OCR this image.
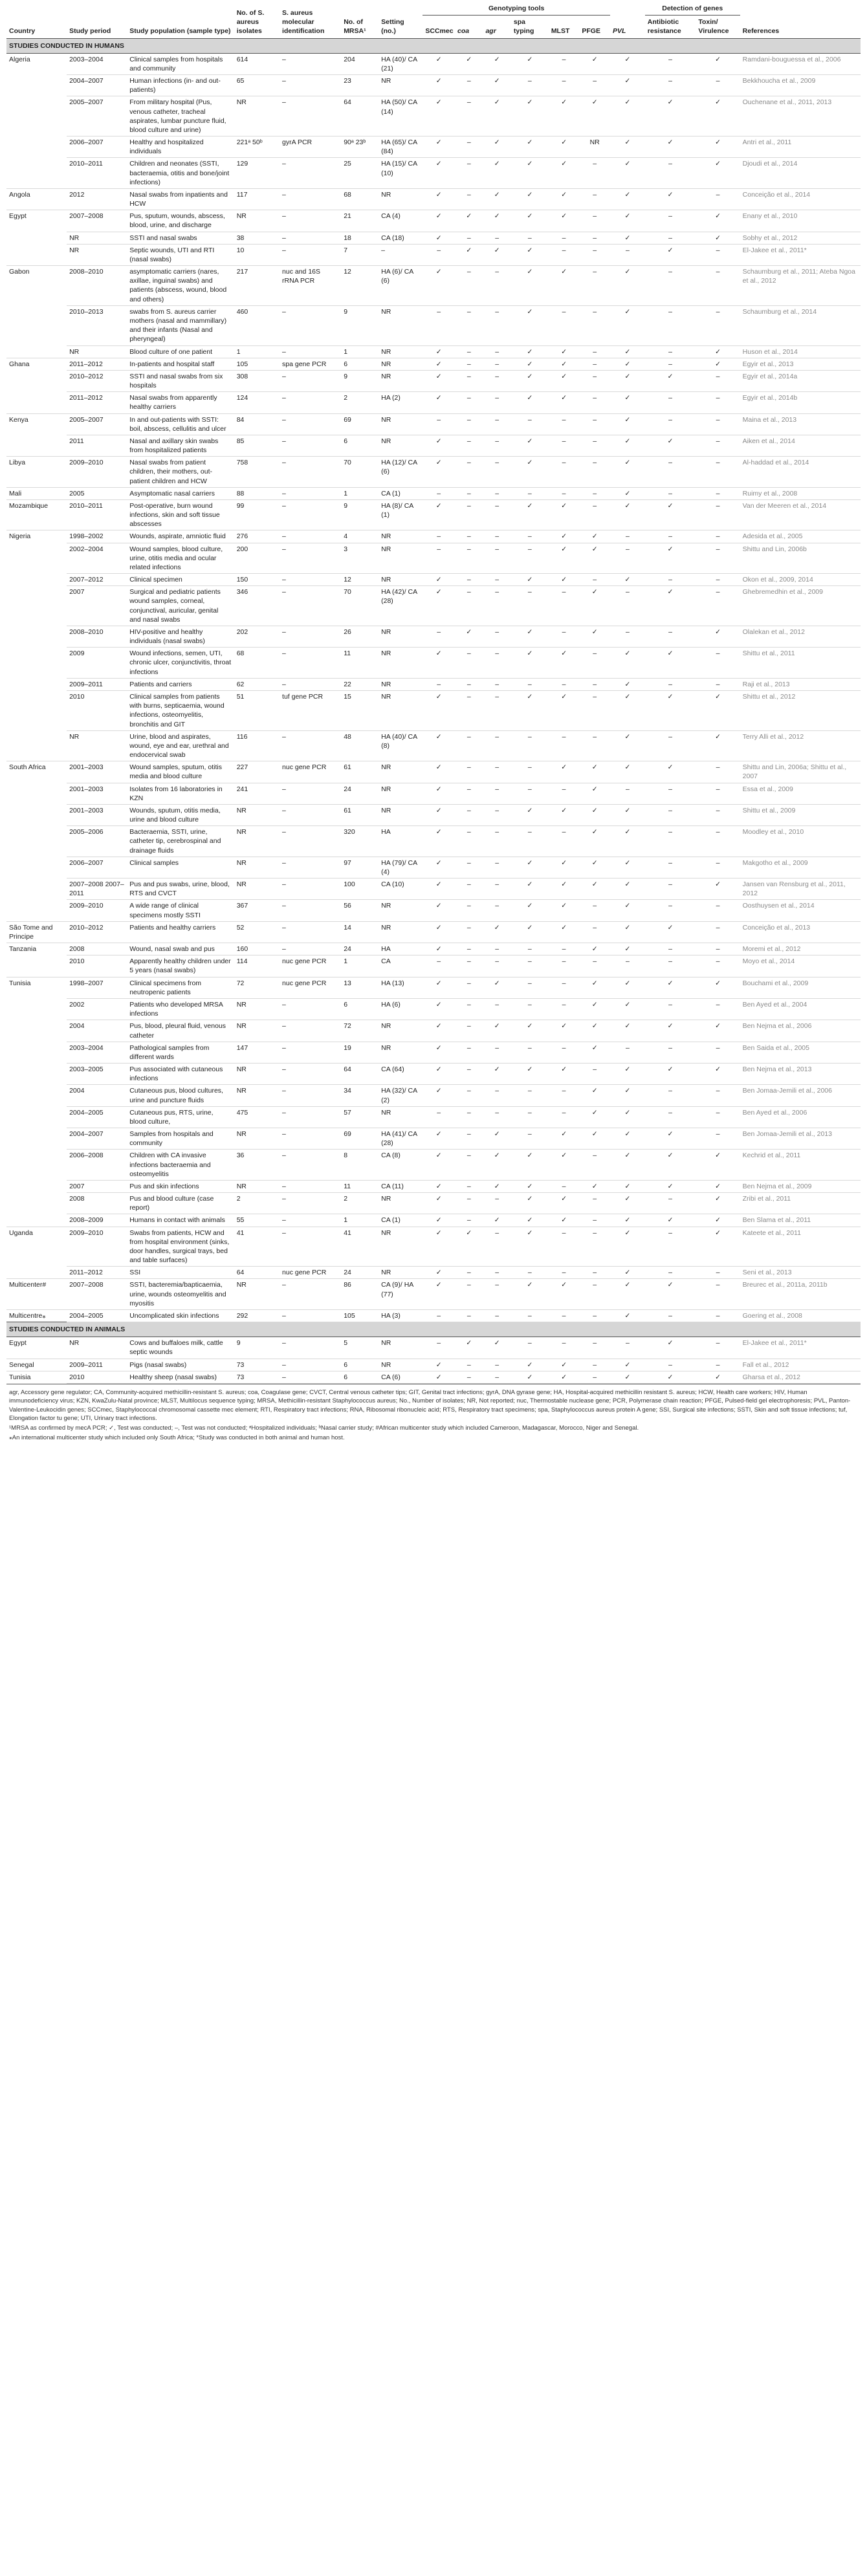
Country	Study period	Study population (sample type)	No. of S. aureus isolates	S. aureus molecular identification	No. of MRSA¹	Setting (no.)	Genotyping tools						PVL	Detection of genes		References
							SCCmec	coa	agr	spa typing	MLST	PFGE		Antibiotic resistance	Toxin/ Virulence	
STUDIES CONDUCTED IN HUMANS																
Algeria	2003–2004	Clinical samples from hospitals and community	614	–	204	HA (40)/ CA (21)	✓	✓	✓	✓	–	✓	✓	–	✓	Ramdani-bouguessa et al., 2006
	2004–2007	Human infections (in- and out-patients)	65	–	23	NR	✓	–	✓	–	–	–	✓	–	–	Bekkhoucha et al., 2009
	2005–2007	From military hospital (Pus, venous catheter, tracheal aspirates, lumbar puncture fluid, blood culture and urine)	NR	–	64	HA (50)/ CA (14)	✓	–	✓	✓	✓	✓	✓	✓	✓	Ouchenane et al., 2011, 2013
	2006–2007	Healthy and hospitalized individuals	221ᵃ 50ᵇ	gyrA PCR	90ᵃ 23ᵇ	HA (65)/ CA (84)	✓	–	✓	✓	✓	NR	✓	✓	✓	Antri et al., 2011
	2010–2011	Children and neonates (SSTI, bacteraemia, otitis and bone/joint infections)	129	–	25	HA (15)/ CA (10)	✓	–	✓	✓	✓	–	✓	–	✓	Djoudi et al., 2014
Angola	2012	Nasal swabs from inpatients and HCW	117	–	68	NR	✓	–	✓	✓	✓	–	✓	✓	–	Conceição et al., 2014
Egypt	2007–2008	Pus, sputum, wounds, abscess, blood, urine, and discharge	NR	–	21	CA (4)	✓	✓	✓	✓	✓	–	✓	–	✓	Enany et al., 2010
	NR	SSTI and nasal swabs	38	–	18	CA (18)	✓	–	–	–	–	–	✓	–	✓	Sobhy et al., 2012
	NR	Septic wounds, UTI and RTI (nasal swabs)	10	–	7	–	–	✓	✓	✓	–	–	–	✓	–	El-Jakee et al., 2011*
Gabon	2008–2010	asymptomatic carriers (nares, axillae, inguinal swabs) and patients (abscess, wound, blood and others)	217	nuc and 16S rRNA PCR	12	HA (6)/ CA (6)	✓	–	–	✓	✓	–	✓	–	–	Schaumburg et al., 2011; Ateba Ngoa et al., 2012
	2010–2013	swabs from S. aureus carrier mothers (nasal and mammillary) and their infants (Nasal and pheryngeal)	460	–	9	NR	–	–	–	✓	–	–	✓	–	–	Schaumburg et al., 2014
	NR	Blood culture of one patient	1	–	1	NR	✓	–	–	✓	✓	–	✓	–	✓	Huson et al., 2014
Ghana	2011–2012	In-patients and hospital staff	105	spa gene PCR	6	NR	✓	–	–	✓	✓	–	✓	–	✓	Egyir et al., 2013
	2010–2012	SSTI and nasal swabs from six hospitals	308	–	9	NR	✓	–	–	✓	✓	–	✓	✓	–	Egyir et al., 2014a
	2011–2012	Nasal swabs from apparently healthy carriers	124	–	2	HA (2)	✓	–	–	✓	✓	–	✓	–	–	Egyir et al., 2014b
Kenya	2005–2007	In and out-patients with SSTI: boil, abscess, cellulitis and ulcer	84	–	69	NR	–	–	–	–	–	–	✓	–	–	Maina et al., 2013
	2011	Nasal and axillary skin swabs from hospitalized patients	85	–	6	NR	✓	–	–	✓	–	–	✓	✓	–	Aiken et al., 2014
Libya	2009–2010	Nasal swabs from patient children, their mothers, out-patient children and HCW	758	–	70	HA (12)/ CA (6)	✓	–	–	✓	–	–	✓	–	–	Al-haddad et al., 2014
Mali	2005	Asymptomatic nasal carriers	88	–	1	CA (1)	–	–	–	–	–	–	✓	–	–	Ruimy et al., 2008
Mozambique	2010–2011	Post-operative, burn wound infections, skin and soft tissue abscesses	99	–	9	HA (8)/ CA (1)	✓	–	–	✓	✓	–	✓	✓	–	Van der Meeren et al., 2014
Nigeria	1998–2002	Wounds, aspirate, amniotic fluid	276	–	4	NR	–	–	–	–	✓	✓	–	–	–	Adesida et al., 2005
	2002–2004	Wound samples, blood culture, urine, otitis media and ocular related infections	200	–	3	NR	–	–	–	–	✓	✓	–	✓	–	Shittu and Lin, 2006b
	2007–2012	Clinical specimen	150	–	12	NR	✓	–	–	✓	✓	–	✓	–	–	Okon et al., 2009, 2014
	2007	Surgical and pediatric patients wound samples, corneal, conjunctival, auricular, genital and nasal swabs	346	–	70	HA (42)/ CA (28)	✓	–	–	–	–	✓	–	✓	–	Ghebremedhin et al., 2009
	2008–2010	HIV-positive and healthy individuals (nasal swabs)	202	–	26	NR	–	✓	–	✓	–	✓	–	–	✓	Olalekan et al., 2012
	2009	Wound infections, semen, UTI, chronic ulcer, conjunctivitis, throat infections	68	–	11	NR	✓	–	–	✓	✓	–	✓	✓	–	Shittu et al., 2011
	2009–2011	Patients and carriers	62	–	22	NR	–	–	–	–	–	–	✓	–	–	Raji et al., 2013
	2010	Clinical samples from patients with burns, septicaemia, wound infections, osteomyelitis, bronchitis and GIT	51	tuf gene PCR	15	NR	✓	–	–	✓	✓	–	✓	✓	✓	Shittu et al., 2012
	NR	Urine, blood and aspirates, wound, eye and ear, urethral and endocervical swab	116	–	48	HA (40)/ CA (8)	✓	–	–	–	–	–	✓	–	✓	Terry Alli et al., 2012
South Africa	2001–2003	Wound samples, sputum, otitis media and blood culture	227	nuc gene PCR	61	NR	✓	–	–	–	✓	✓	✓	✓	–	Shittu and Lin, 2006a; Shittu et al., 2007
	2001–2003	Isolates from 16 laboratories in KZN	241	–	24	NR	✓	–	–	–	–	✓	–	–	–	Essa et al., 2009
	2001–2003	Wounds, sputum, otitis media, urine and blood culture	NR	–	61	NR	✓	–	–	✓	✓	✓	✓	–	–	Shittu et al., 2009
	2005–2006	Bacteraemia, SSTI, urine, catheter tip, cerebrospinal and drainage fluids	NR	–	320	HA	✓	–	–	–	–	✓	✓	–	–	Moodley et al., 2010
	2006–2007	Clinical samples	NR	–	97	HA (79)/ CA (4)	✓	–	–	✓	✓	✓	✓	–	–	Makgotho et al., 2009
	2007–2008 2007–2011	Pus and pus swabs, urine, blood, RTS and CVCT	NR	–	100	CA (10)	✓	–	–	✓	✓	✓	✓	–	✓	Jansen van Rensburg et al., 2011, 2012
	2009–2010	A wide range of clinical specimens mostly SSTI	367	–	56	NR	✓	–	–	✓	✓	–	✓	–	–	Oosthuysen et al., 2014
São Tome and Principe	2010–2012	Patients and healthy carriers	52	–	14	NR	✓	–	✓	✓	✓	–	✓	✓	–	Conceição et al., 2013
Tanzania	2008	Wound, nasal swab and pus	160	–	24	HA	✓	–	–	–	–	✓	✓	–	–	Moremi et al., 2012
	2010	Apparently healthy children under 5 years (nasal swabs)	114	nuc gene PCR	1	CA	–	–	–	–	–	–	–	–	–	Moyo et al., 2014
Tunisia	1998–2007	Clinical specimens from neutropenic patients	72	nuc gene PCR	13	HA (13)	✓	–	✓	–	–	✓	✓	✓	✓	Bouchami et al., 2009
	2002	Patients who developed MRSA infections	NR	–	6	HA (6)	✓	–	–	–	–	✓	✓	–	–	Ben Ayed et al., 2004
	2004	Pus, blood, pleural fluid, venous catheter	NR	–	72	NR	✓	–	✓	✓	✓	✓	✓	✓	✓	Ben Nejma et al., 2006
	2003–2004	Pathological samples from different wards	147	–	19	NR	✓	–	–	–	–	✓	–	–	–	Ben Saida et al., 2005
	2003–2005	Pus associated with cutaneous infections	NR	–	64	CA (64)	✓	–	✓	✓	✓	–	✓	✓	✓	Ben Nejma et al., 2013
	2004	Cutaneous pus, blood cultures, urine and puncture fluids	NR	–	34	HA (32)/ CA (2)	✓	–	–	–	–	✓	✓	–	–	Ben Jomaa-Jemili et al., 2006
	2004–2005	Cutaneous pus, RTS, urine, blood culture,	475	–	57	NR	–	–	–	–	–	✓	✓	–	–	Ben Ayed et al., 2006
	2004–2007	Samples from hospitals and community	NR	–	69	HA (41)/ CA (28)	✓	–	✓	–	✓	✓	✓	✓	–	Ben Jomaa-Jemili et al., 2013
	2006–2008	Children with CA invasive infections bacteraemia and osteomyelitis	36	–	8	CA (8)	✓	–	✓	✓	✓	–	✓	✓	✓	Kechrid et al., 2011
	2007	Pus and skin infections	NR	–	11	CA (11)	✓	–	✓	✓	–	✓	✓	✓	✓	Ben Nejma et al., 2009
	2008	Pus and blood culture (case report)	2	–	2	NR	✓	–	–	✓	✓	–	✓	–	✓	Zribi et al., 2011
	2008–2009	Humans in contact with animals	55	–	1	CA (1)	✓	–	✓	✓	✓	–	✓	✓	✓	Ben Slama et al., 2011
Uganda	2009–2010	Swabs from patients, HCW and from hospital environment (sinks, door handles, surgical trays, bed and table surfaces)	41	–	41	NR	✓	✓	–	✓	–	–	✓	–	✓	Kateete et al., 2011
	2011–2012	SSI	64	nuc gene PCR	24	NR	✓	–	–	–	–	–	✓	–	–	Seni et al., 2013
Multicenter#	2007–2008	SSTI, bacteremia/bapticaemia, urine, wounds osteomyelitis and myositis	NR	–	86	CA (9)/ HA (77)	✓	–	–	✓	✓	–	✓	✓	–	Breurec et al., 2011a, 2011b
Multicentre⁎	2004–2005	Uncomplicated skin infections	292	–	105	HA (3)	–	–	–	–	–	–	✓	–	–	Goering et al., 2008
STUDIES CONDUCTED IN ANIMALS																
Egypt	NR	Cows and buffaloes milk, cattle septic wounds	9	–	5	NR	–	✓	✓	–	–	–	–	✓	–	El-Jakee et al., 2011*
Senegal	2009–2011	Pigs (nasal swabs)	73	–	6	NR	✓	–	–	✓	✓	–	✓	–	–	Fall et al., 2012
Tunisia	2010	Healthy sheep (nasal swabs)	73	–	6	CA (6)	✓	–	–	✓	✓	–	✓	✓	✓	Gharsa et al., 2012

agr, Accessory gene regulator; CA, Community-acquired methicillin-resistant S. aureus; coa, Coagulase gene; CVCT, Central venous catheter tips; GIT, Genital tract infections; gyrA, DNA gyrase gene; HA, Hospital-acquired methicillin resistant S. aureus; HCW, Health care workers; HIV, Human immunodeficiency virus; KZN, KwaZulu-Natal province; MLST, Multilocus sequence typing; MRSA, Methicillin-resistant Staphylococcus aureus; No., Number of isolates; NR, Not reported; nuc, Thermostable nuclease gene; PCR, Polymerase chain reaction; PFGE, Pulsed-field gel electrophoresis; PVL, Panton-Valentine-Leukocidin genes; SCCmec, Staphylococcal chromosomal cassette mec element; RTI, Respiratory tract infections; RNA, Ribosomal ribonucleic acid; RTS, Respiratory tract specimens; spa, Staphylococcus aureus protein A gene; SSI, Surgical site infections; SSTI, Skin and soft tissue infections; tuf, Elongation factor tu gene; UTI, Urinary tract infections.

¹MRSA as confirmed by mecA PCR; ✓, Test was conducted; –, Test was not conducted; ᵃHospitalized individuals; ᵇNasal carrier study; #African multicenter study which included Cameroon, Madagascar, Morocco, Niger and Senegal.

⁎An international multicenter study which included only South Africa; *Study was conducted in both animal and human host.
